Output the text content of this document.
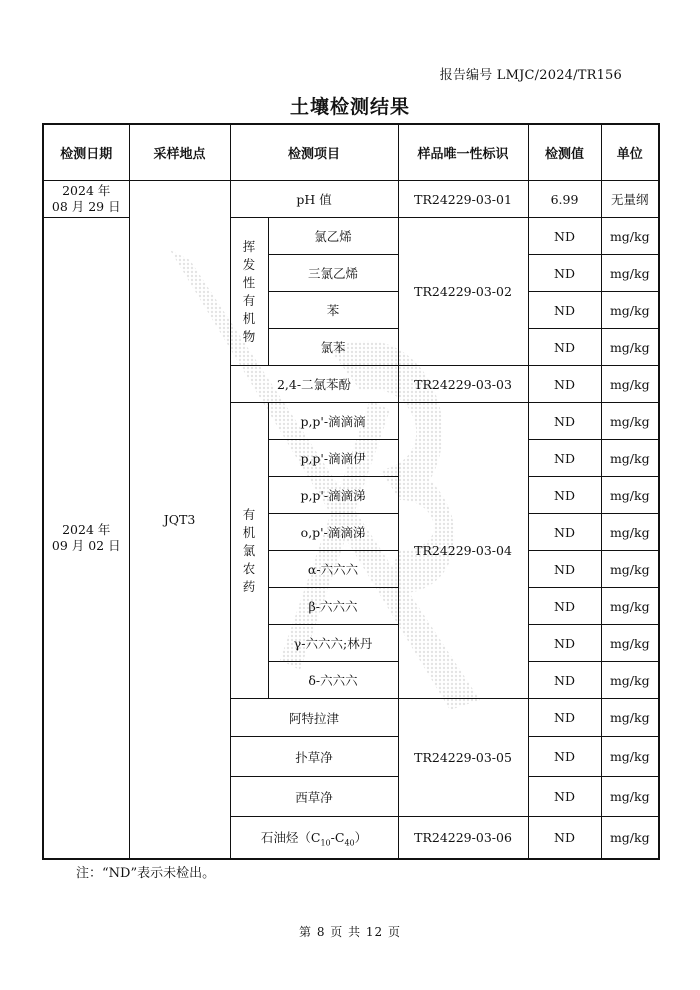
报告编号 LMJC/2024/TR156
土壤检测结果
检测日期	采样地点	检测项目		样品唯一性标识	检测值	单位
2024 年
08 月 29 日	JQT3	pH 值		TR24229-03-01	6.99	无量纲
2024 年
09 月 02 日		挥发性有机物	氯乙烯	TR24229-03-02	ND	mg/kg
			三氯乙烯		ND	mg/kg
			苯		ND	mg/kg
			氯苯		ND	mg/kg
		2,4-二氯苯酚		TR24229-03-03	ND	mg/kg
		有机氯农药	p,p'-滴滴滴	TR24229-03-04	ND	mg/kg
			p,p'-滴滴伊		ND	mg/kg
			p,p'-滴滴涕		ND	mg/kg
			o,p'-滴滴涕		ND	mg/kg
			α-六六六		ND	mg/kg
			β-六六六		ND	mg/kg
			γ-六六六;林丹		ND	mg/kg
			δ-六六六		ND	mg/kg
		阿特拉津		TR24229-03-05	ND	mg/kg
		扑草净			ND	mg/kg
		西草净			ND	mg/kg
		石油烃$(C_{10}-C_{40})$		TR24229-03-06	ND	mg/kg
注：“ND”表示未检出。
第 8 页 共 12 页
